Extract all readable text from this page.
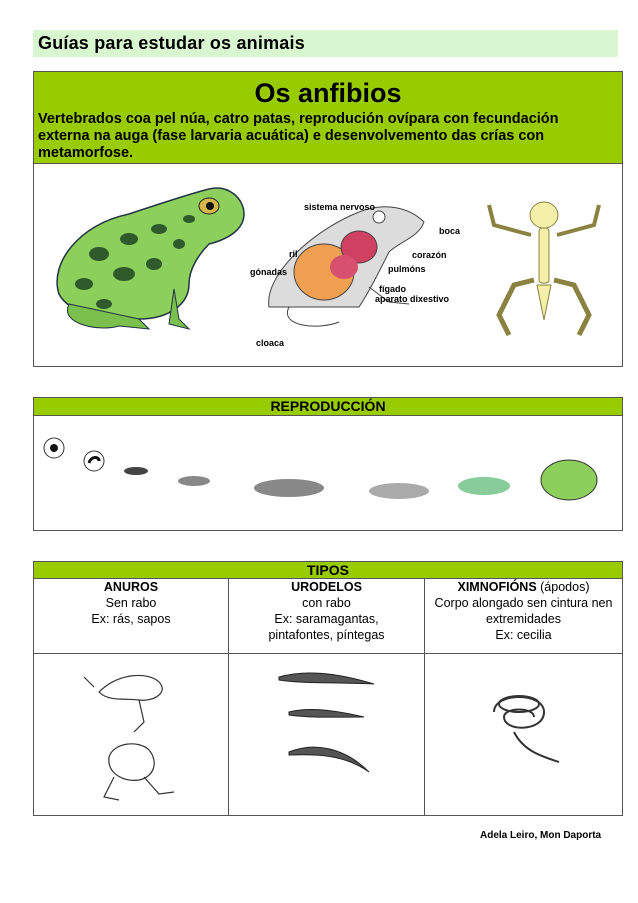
Guías para estudar os animais
Os anfibios
Vertebrados coa pel núa, catro patas, reprodución ovípara con fecundación externa na auga (fase larvaria acuática) e desenvolvemento das crías con metamorfose.
sistema nervoso
boca
ril	corazón
gónadas	pulmóns
fígado
aparato dixestivo
cloaca
REPRODUCCIÓN
TIPOS
ANUROS
Sen rabo
Ex: rás, sapos
URODELOS
con rabo
Ex: saramagantas,
pintafontes, píntegas
XIMNOFIÓNS (ápodos)
Corpo alongado sen cintura nen
extremidades
Ex: cecilia
Adela Leiro, Mon Daporta
